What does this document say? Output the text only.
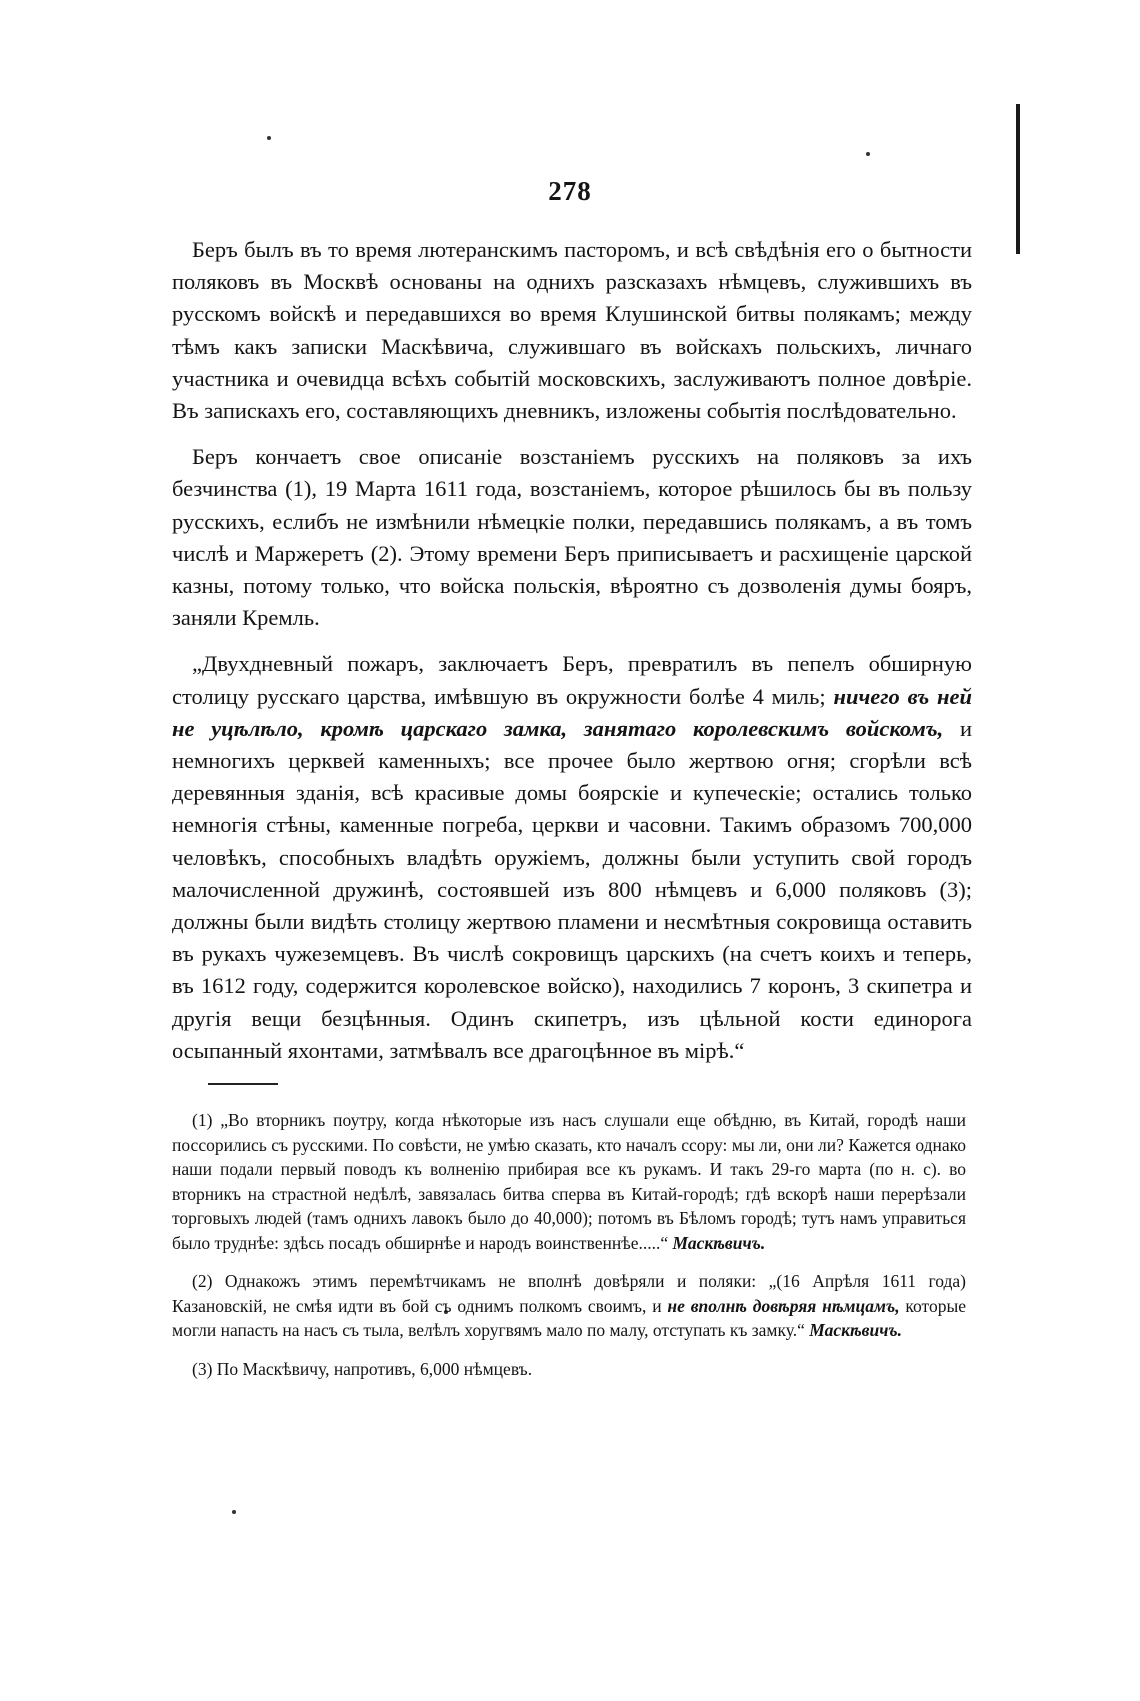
278

Беръ былъ въ то время лютеранскимъ пасторомъ, и всѣ свѣдѣнія его о бытности поляковъ въ Москвѣ основаны на однихъ разсказахъ нѣмцевъ, служившихъ въ русскомъ войскѣ и передавшихся во время Клушинской битвы полякамъ; между тѣмъ какъ записки Маскѣвича, служившаго въ войскахъ польскихъ, личнаго участника и очевидца всѣхъ событій московскихъ, заслуживаютъ полное довѣріе. Въ запискахъ его, составляющихъ дневникъ, изложены событія послѣдовательно.

Беръ кончаетъ свое описаніе возстаніемъ русскихъ на поляковъ за ихъ безчинства (1), 19 Марта 1611 года, возстаніемъ, которое рѣшилось бы въ пользу русскихъ, еслибъ не измѣнили нѣмецкіе полки, передавшись полякамъ, а въ томъ числѣ и Маржеретъ (2). Этому времени Беръ приписываетъ и расхищеніе царской казны, потому только, что войска польскія, вѣроятно съ дозволенія думы бояръ, заняли Кремль.

„Двухдневный пожаръ, заключаетъ Беръ, превратилъ въ пепелъ обширную столицу русскаго царства, имѣвшую въ окружности болѣе 4 миль; ничего въ ней не уцѣлѣло, кромѣ царскаго замка, занятаго королевскимъ войскомъ, и немногихъ церквей каменныхъ; все прочее было жертвою огня; сгорѣли всѣ деревянныя зданія, всѣ красивые домы боярскіе и купеческіе; остались только немногія стѣны, каменные погреба, церкви и часовни. Такимъ образомъ 700,000 человѣкъ, способныхъ владѣть оружіемъ, должны были уступить свой городъ малочисленной дружинѣ, состоявшей изъ 800 нѣмцевъ и 6,000 поляковъ (3); должны были видѣть столицу жертвою пламени и несмѣтныя сокровища оставить въ рукахъ чужеземцевъ. Въ числѣ сокровищъ царскихъ (на счетъ коихъ и теперь, въ 1612 году, содержится королевское войско), находились 7 коронъ, 3 скипетра и другія вещи безцѣнныя. Одинъ скипетръ, изъ цѣльной кости единорога осыпанный яхонтами, затмѣвалъ все драгоцѣнное въ мірѣ.“

(1) „Во вторникъ поутру, когда нѣкоторые изъ насъ слушали еще обѣдню, въ Китай, городѣ наши поссорились съ русскими. По совѣсти, не умѣю сказать, кто началъ ссору: мы ли, они ли? Кажется однако наши подали первый поводъ къ волненію прибирая все къ рукамъ. И такъ 29-го марта (по н. с). во вторникъ на страстной недѣлѣ, завязалась битва сперва въ Китай-городѣ; гдѣ вскорѣ наши перерѣзали торговыхъ людей (тамъ однихъ лавокъ было до 40,000); потомъ въ Бѣломъ городѣ; тутъ намъ управиться было труднѣе: здѣсь посадъ обширнѣе и народъ воинственнѣе.....“ Маскѣвичъ.

(2) Однакожъ этимъ перемѣтчикамъ не вполнѣ довѣряли и поляки: „(16 Апрѣля 1611 года) Казановскій, не смѣя идти въ бой съ однимъ полкомъ своимъ, и не вполнѣ довѣряя нѣмцамъ, которые могли напасть на насъ съ тыла, велѣлъ хоругвямъ мало по малу, отступать къ замку.“ Маскѣвичъ.

(3) По Маскѣвичу, напротивъ, 6,000 нѣмцевъ.
